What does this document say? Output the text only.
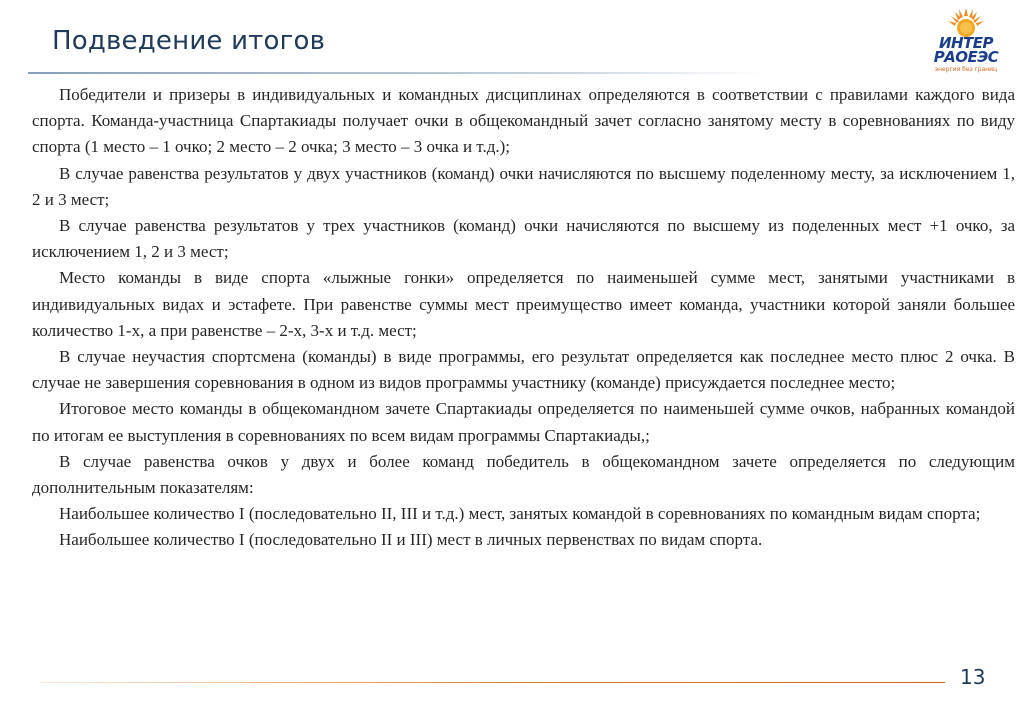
Подведение итогов	ИНТЕР
РАОЕЭС
энергия без границ

Победители и призеры в индивидуальных и командных дисциплинах определяются в соответствии с правилами каждого вида спорта. Команда-участница Спартакиады получает очки в общекомандный зачет согласно занятому месту в соревнованиях по виду спорта (1 место – 1 очко; 2 место – 2 очка; 3 место – 3 очка и т.д.);

В случае равенства результатов у двух участников (команд) очки начисляются по высшему поделенному месту, за исключением 1, 2 и 3 мест;

В случае равенства результатов у трех участников (команд) очки начисляются по высшему из поделенных мест +1 очко, за исключением 1, 2 и 3 мест;

Место команды в виде спорта «лыжные гонки» определяется по наименьшей сумме мест, занятыми участниками в индивидуальных видах и эстафете. При равенстве суммы мест преимущество имеет команда, участники которой заняли большее количество 1-х, а при равенстве – 2-х, 3-х и т.д. мест;

В случае неучастия спортсмена (команды) в виде программы, его результат определяется как последнее место плюс 2 очка. В случае не завершения соревнования в одном из видов программы участнику (команде) присуждается последнее место;

Итоговое место команды в общекомандном зачете Спартакиады определяется по наименьшей сумме очков, набранных командой по итогам ее выступления в соревнованиях по всем видам программы Спартакиады,;

В случае равенства очков у двух и более команд победитель в общекомандном зачете определяется по следующим дополнительным показателям:

Наибольшее количество I (последовательно II, III и т.д.) мест, занятых командой в соревнованиях по командным видам спорта;

Наибольшее количество I (последовательно II и III) мест в личных первенствах по видам спорта.

13
